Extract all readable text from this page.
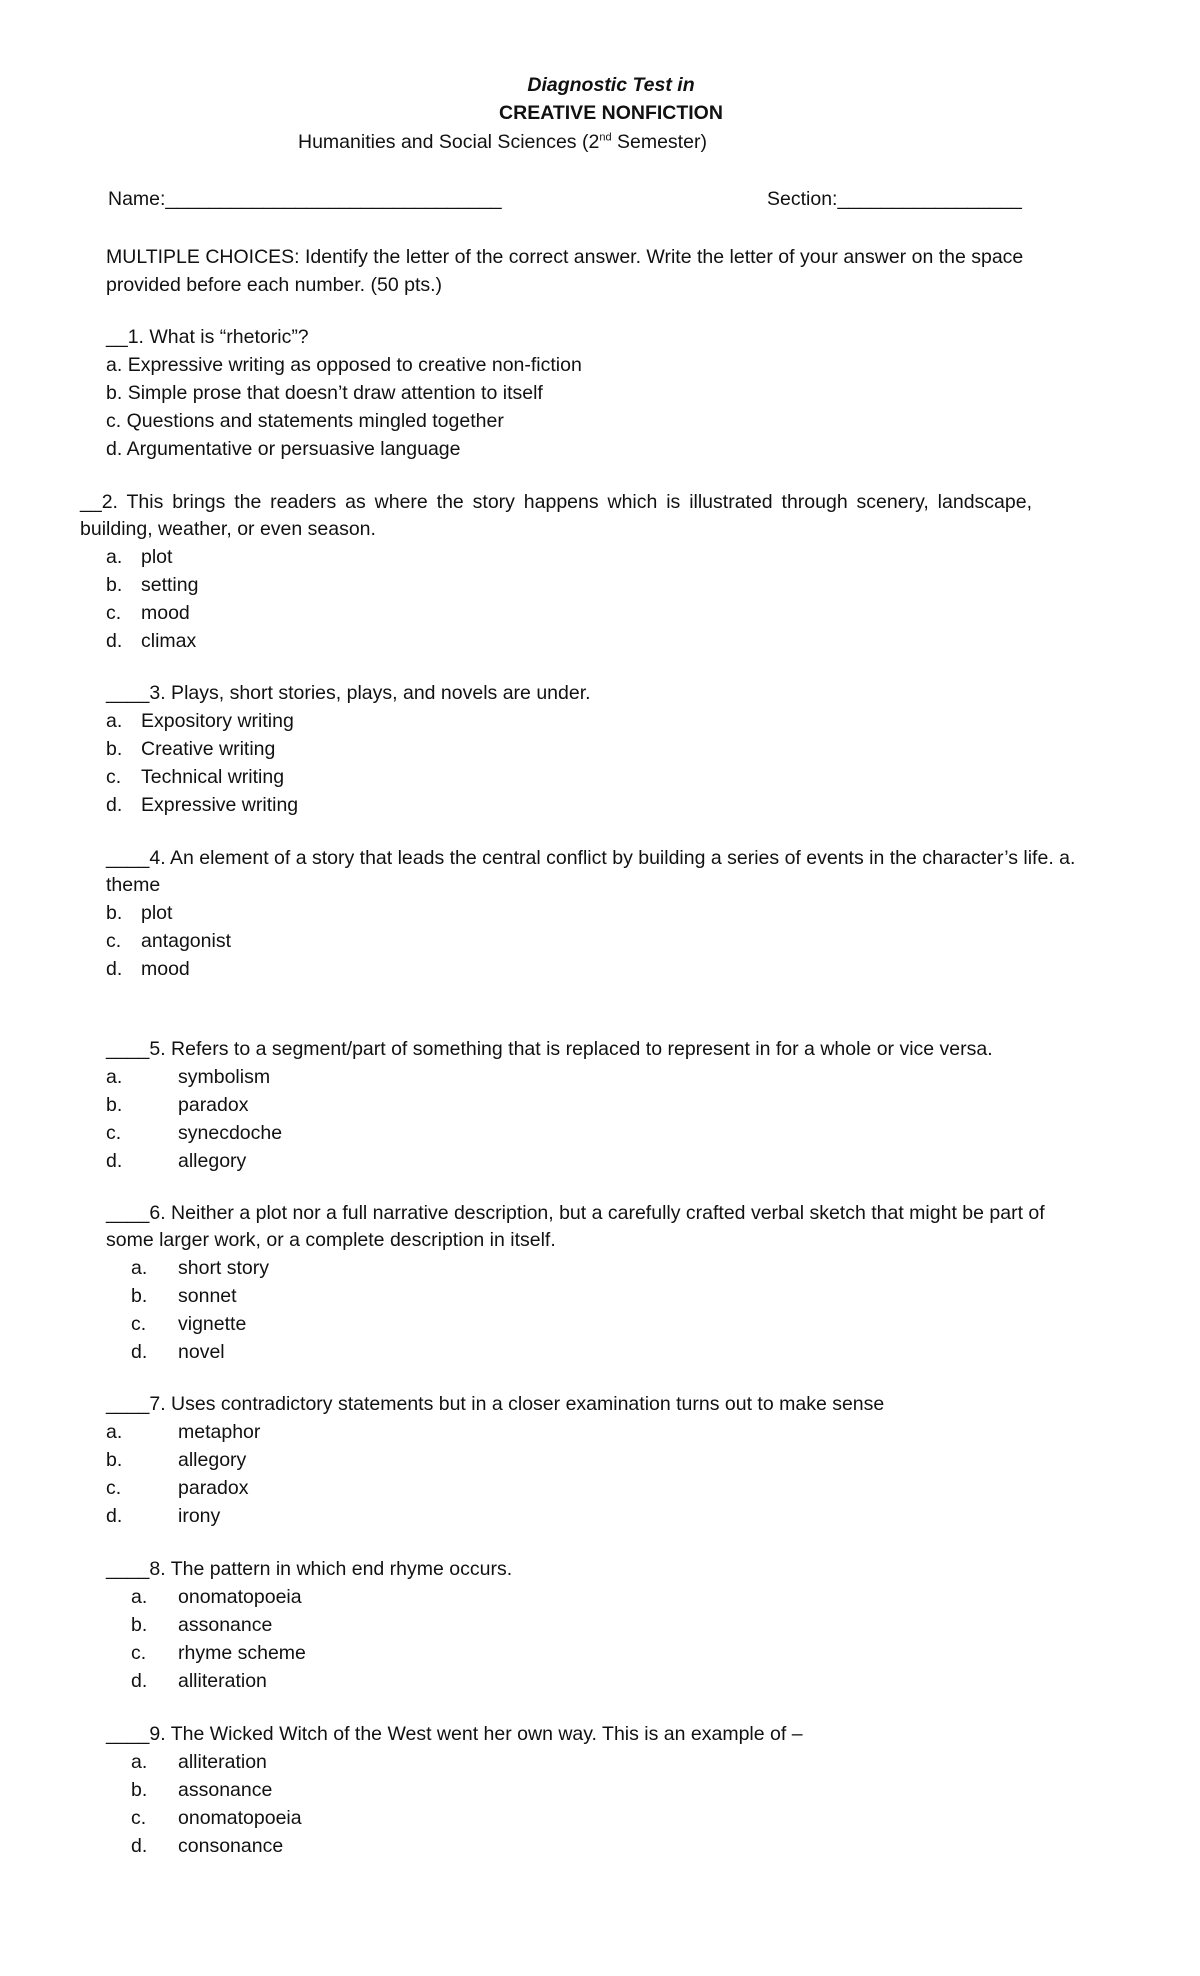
Diagnostic Test in
CREATIVE NONFICTION
Humanities and Social Sciences (2nd Semester)
Name:_______________________________	Section:_________________
MULTIPLE CHOICES: Identify the letter of the correct answer. Write the letter of your answer on the space provided before each number. (50 pts.)
__1. What is “rhetoric”?
a. Expressive writing as opposed to creative non-fiction
b. Simple prose that doesn’t draw attention to itself
c. Questions and statements mingled together
d. Argumentative or persuasive language
__2. This brings the readers as where the story happens which is illustrated through scenery, landscape,
building, weather, or even season.
a. plot
b. setting
c. mood
d. climax
____3. Plays, short stories, plays, and novels are under.
a. Expository writing
b. Creative writing
c. Technical writing
d. Expressive writing
____4. An element of a story that leads the central conflict by building a series of events in the character’s life. a.
theme
b. plot
c. antagonist
d. mood
____5. Refers to a segment/part of something that is replaced to represent in for a whole or vice versa.
a.	symbolism
b.	paradox
c.	synecdoche
d.	allegory
____6. Neither a plot nor a full narrative description, but a carefully crafted verbal sketch that might be part of
some larger work, or a complete description in itself.
a. short story
b. sonnet
c. vignette
d. novel
____7. Uses contradictory statements but in a closer examination turns out to make sense
a.	metaphor
b.	allegory
c.	paradox
d.	irony
____8. The pattern in which end rhyme occurs.
a. onomatopoeia
b. assonance
c. rhyme scheme
d. alliteration
____9. The Wicked Witch of the West went her own way. This is an example of –
a. alliteration
b. assonance
c. onomatopoeia
d. consonance
